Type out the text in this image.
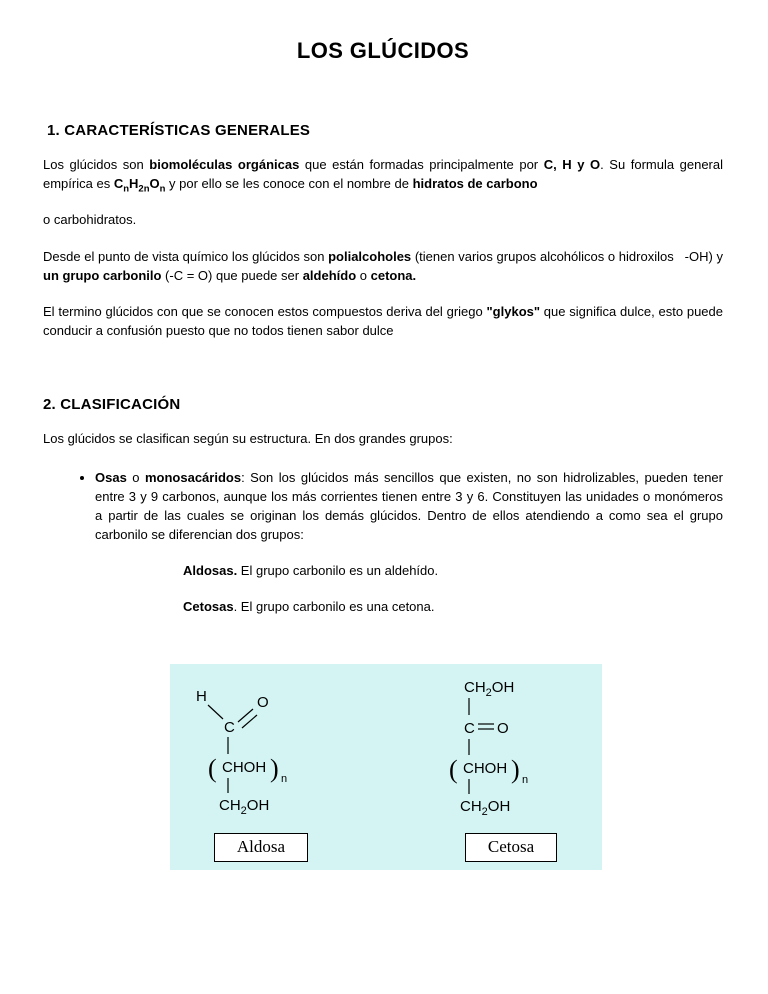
LOS GLÚCIDOS
1. CARACTERÍSTICAS GENERALES

Los glúcidos son biomoléculas orgánicas que están formadas principalmente por C, H y O. Su formula general empírica es $C_nH_{2n}O_n$ y por ello se les conoce con el nombre de hidratos de carbono

o carbohidratos.

Desde el punto de vista químico los glúcidos son polialcoholes (tienen varios grupos alcohólicos o hidroxilos   -OH) y un grupo carbonilo (-C = O) que puede ser aldehído o cetona.

El termino glúcidos con que se conocen estos compuestos deriva del griego "glykos" que significa dulce, esto puede conducir a confusión puesto que no todos tienen sabor dulce

2. CLASIFICACIÓN

Los glúcidos se clasifican según su estructura. En dos grandes grupos:

• Osas o monosacáridos: Son los glúcidos más sencillos que existen, no son hidrolizables, pueden tener entre 3 y 9 carbonos, aunque los más corrientes tienen entre 3 y 6. Constituyen las unidades o monómeros a partir de las cuales se originan los demás glúcidos. Dentro de ellos atendiendo a como sea el grupo carbonilo se diferencian dos grupos:

Aldosas. El grupo carbonilo es un aldehído.

Cetosas. El grupo carbonilo es una cetona.

H
C
O
( CHOH ) n
$CH_2OH$
Aldosa
$CH_2OH$
C O
( CHOH ) n
$CH_2OH$
Cetosa
